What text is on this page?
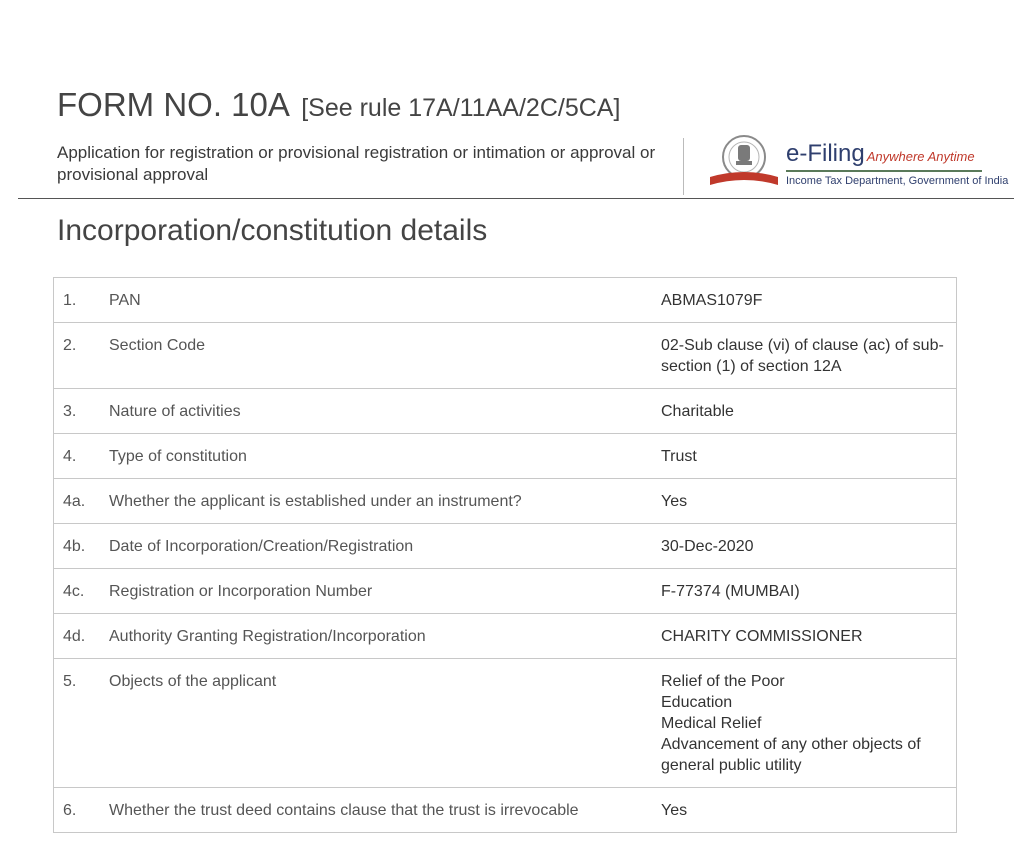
FORM NO. 10A [See rule 17A/11AA/2C/5CA]
Application for registration or provisional registration or intimation or approval or provisional approval
e-Filing Anywhere Anytime
Income Tax Department, Government of India
Incorporation/constitution details
1.	PAN	ABMAS1079F
2.	Section Code	02-Sub clause (vi) of clause (ac) of sub-section (1) of section 12A
3.	Nature of activities	Charitable
4.	Type of constitution	Trust
4a.	Whether the applicant is established under an instrument?	Yes
4b.	Date of Incorporation/Creation/Registration	30-Dec-2020
4c.	Registration or Incorporation Number	F-77374 (MUMBAI)
4d.	Authority Granting Registration/Incorporation	CHARITY COMMISSIONER
5.	Objects of the applicant	Relief of the Poor
Education
Medical Relief
Advancement of any other objects of general public utility

6.	Whether the trust deed contains clause that the trust is irrevocable	Yes
